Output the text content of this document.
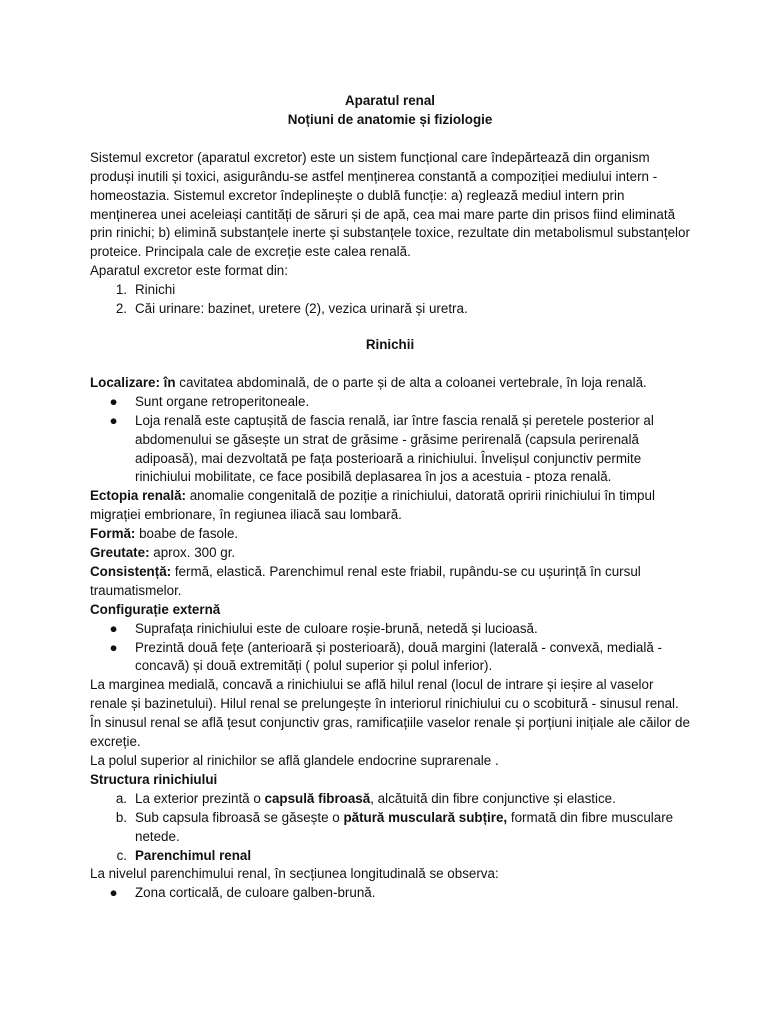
Aparatul renal

Noțiuni de anatomie și fiziologie

Sistemul excretor (aparatul excretor) este un sistem funcțional care îndepărtează din organism produși inutili și toxici, asigurându-se astfel menținerea constantă a compoziției mediului intern - homeostazia. Sistemul excretor îndeplinește o dublă funcție: a) reglează mediul intern prin menținerea unei aceleiași cantități de săruri și de apă, cea mai mare parte din prisos fiind eliminată prin rinichi; b) elimină substanțele inerte și substanțele toxice, rezultate din metabolismul substanțelor proteice. Principala cale de excreție este calea renală.

Aparatul excretor este format din:

1. Rinichi
2. Căi urinare: bazinet, uretere (2), vezica urinară și uretra.

Rinichii

Localizare: în cavitatea abdominală, de o parte și de alta a coloanei vertebrale, în loja renală.

●	Sunt organe retroperitoneale.
●	Loja renală este captușită de fascia renală, iar între fascia renală și peretele posterior al abdomenului se găsește un strat de grăsime - grăsime perirenală (capsula perirenală adipoasă), mai dezvoltată pe fața posterioară a rinichiului. Învelișul conjunctiv permite rinichiului mobilitate, ce face posibilă deplasarea în jos a acestuia - ptoza renală.

Ectopia renală: anomalie congenitală de poziție a rinichiului, datorată opririi rinichiului în timpul migrației embrionare, în regiunea iliacă sau lombară.

Formă: boabe de fasole.

Greutate: aprox. 300 gr.

Consistență: fermă, elastică. Parenchimul renal este friabil, rupându-se cu ușurință în cursul traumatismelor.

Configurație externă

●	Suprafața rinichiului este de culoare roșie-brună, netedă și lucioasă.
●	Prezintă două fețe (anterioară și posterioară), două margini (laterală - convexă, medială - concavă) și două extremități ( polul superior și polul inferior).

La marginea medială, concavă a rinichiului se află hilul renal (locul de intrare și ieșire al vaselor renale și bazinetului). Hilul renal se prelungește în interiorul rinichiului cu o scobitură - sinusul renal. În sinusul renal se află țesut conjunctiv gras, ramificațiile vaselor renale și porțiuni inițiale ale căilor de excreție.

La polul superior al rinichilor se află glandele endocrine suprarenale .

Structura rinichiului

a. La exterior prezintă o capsulă fibroasă, alcătuită din fibre conjunctive și elastice.
b. Sub capsula fibroasă se găsește o pătură musculară subțire, formată din fibre musculare netede.
c. Parenchimul renal

La nivelul parenchimului renal, în secțiunea longitudinală se observa:

●	Zona corticală, de culoare galben-brună.
